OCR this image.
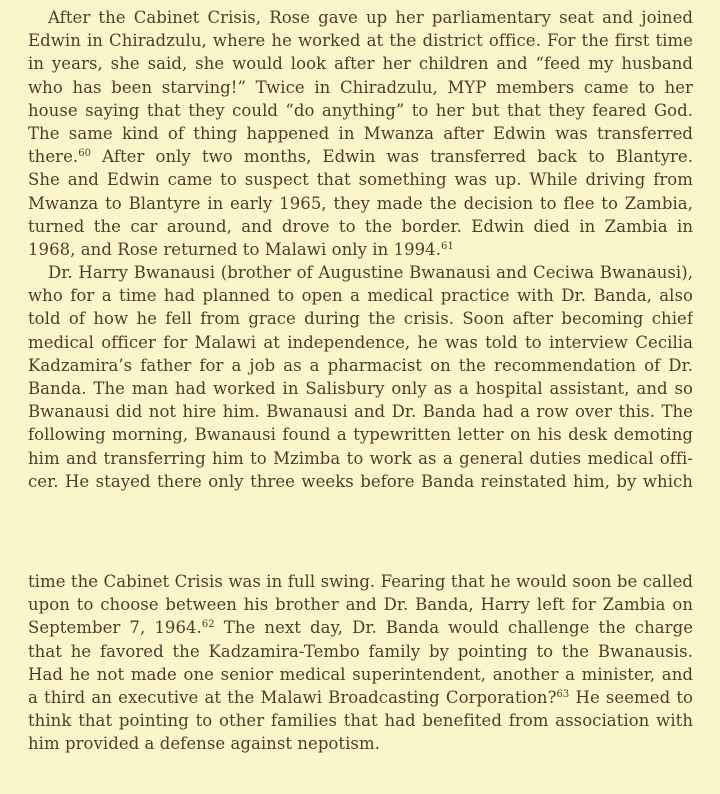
After the Cabinet Crisis, Rose gave up her parliamentary seat and joined
Edwin in Chiradzulu, where he worked at the district office. For the first time
in years, she said, she would look after her children and “feed my husband
who has been starving!” Twice in Chiradzulu, MYP members came to her
house saying that they could “do anything” to her but that they feared God.
The same kind of thing happened in Mwanza after Edwin was transferred
there.$^{60}$ After only two months, Edwin was transferred back to Blantyre.
She and Edwin came to suspect that something was up. While driving from
Mwanza to Blantyre in early 1965, they made the decision to flee to Zambia,
turned the car around, and drove to the border. Edwin died in Zambia in
1968, and Rose returned to Malawi only in 1994.61
Dr. Harry Bwanausi (brother of Augustine Bwanausi and Ceciwa Bwanausi),
who for a time had planned to open a medical practice with Dr. Banda, also
told of how he fell from grace during the crisis. Soon after becoming chief
medical officer for Malawi at independence, he was told to interview Cecilia
Kadzamira’s father for a job as a pharmacist on the recommendation of Dr.
Banda. The man had worked in Salisbury only as a hospital assistant, and so
Bwanausi did not hire him. Bwanausi and Dr. Banda had a row over this. The
following morning, Bwanausi found a typewritten letter on his desk demoting
him and transferring him to Mzimba to work as a general duties medical offi-
cer. He stayed there only three weeks before Banda reinstated him, by which
time the Cabinet Crisis was in full swing. Fearing that he would soon be called
upon to choose between his brother and Dr. Banda, Harry left for Zambia on
September 7, 1964.62 The next day, Dr. Banda would challenge the charge
that he favored the Kadzamira-Tembo family by pointing to the Bwanausis.
Had he not made one senior medical superintendent, another a minister, and
a third an executive at the Malawi Broadcasting Corporation?$^{63}$ He seemed to
think that pointing to other families that had benefited from association with
him provided a defense against nepotism.
